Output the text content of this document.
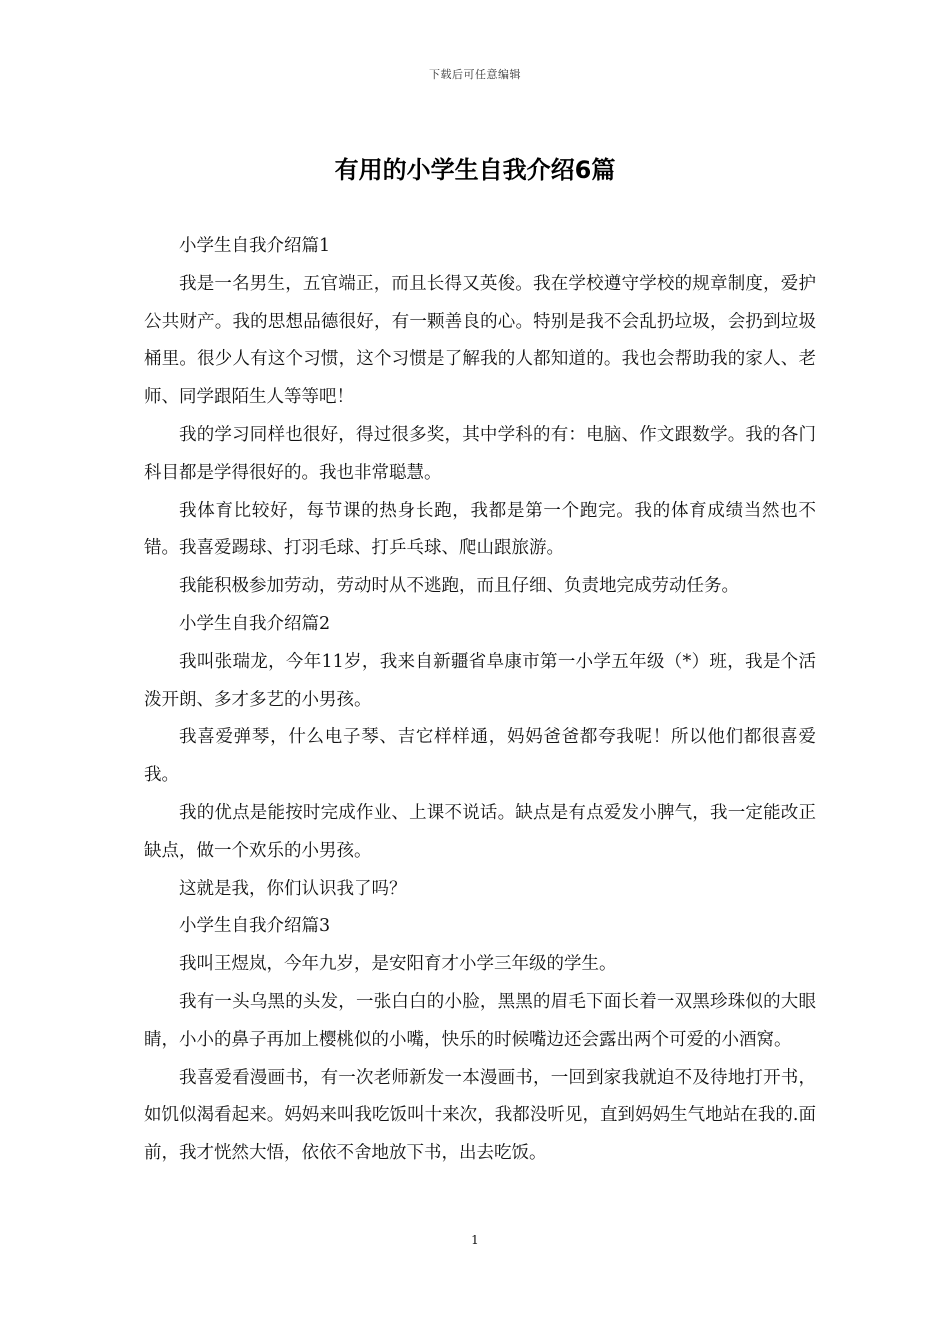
下载后可任意编辑
有用的小学生自我介绍6篇

小学生自我介绍篇1

我是一名男生，五官端正，而且长得又英俊。我在学校遵守学校的规章制度，爱护公共财产。我的思想品德很好，有一颗善良的心。特别是我不会乱扔垃圾，会扔到垃圾桶里。很少人有这个习惯，这个习惯是了解我的人都知道的。我也会帮助我的家人、老师、同学跟陌生人等等吧！

我的学习同样也很好，得过很多奖，其中学科的有：电脑、作文跟数学。我的各门科目都是学得很好的。我也非常聪慧。

我体育比较好，每节课的热身长跑，我都是第一个跑完。我的体育成绩当然也不错。我喜爱踢球、打羽毛球、打乒乓球、爬山跟旅游。

我能积极参加劳动，劳动时从不逃跑，而且仔细、负责地完成劳动任务。

小学生自我介绍篇2

我叫张瑞龙，今年11岁，我来自新疆省阜康市第一小学五年级（*）班，我是个活泼开朗、多才多艺的小男孩。

我喜爱弹琴，什么电子琴、吉它样样通，妈妈爸爸都夸我呢！所以他们都很喜爱我。

我的优点是能按时完成作业、上课不说话。缺点是有点爱发小脾气，我一定能改正缺点，做一个欢乐的小男孩。

这就是我，你们认识我了吗？

小学生自我介绍篇3

我叫王煜岚，今年九岁，是安阳育才小学三年级的学生。

我有一头乌黑的头发，一张白白的小脸，黑黑的眉毛下面长着一双黑珍珠似的大眼睛，小小的鼻子再加上樱桃似的小嘴，快乐的时候嘴边还会露出两个可爱的小酒窝。

我喜爱看漫画书，有一次老师新发一本漫画书，一回到家我就迫不及待地打开书，如饥似渴看起来。妈妈来叫我吃饭叫十来次，我都没听见，直到妈妈生气地站在我的.面前，我才恍然大悟，依依不舍地放下书，出去吃饭。

1
